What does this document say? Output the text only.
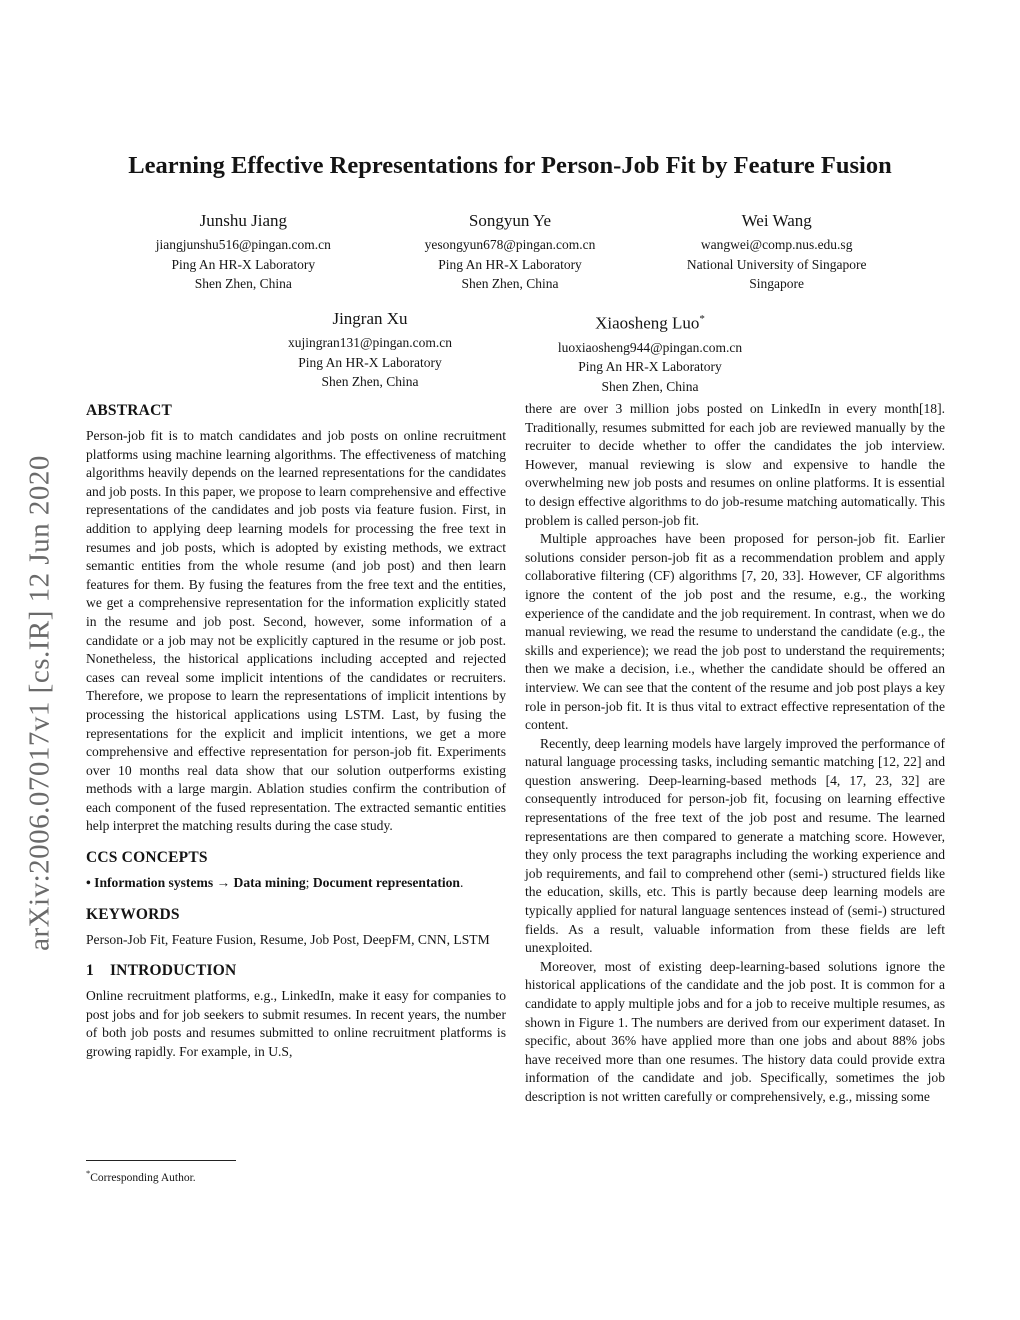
arXiv:2006.07017v1 [cs.IR] 12 Jun 2020
Learning Effective Representations for Person-Job Fit by Feature Fusion
Junshu Jiang
jiangjunshu516@pingan.com.cn
Ping An HR-X Laboratory
Shen Zhen, China
Songyun Ye
yesongyun678@pingan.com.cn
Ping An HR-X Laboratory
Shen Zhen, China
Wei Wang
wangwei@comp.nus.edu.sg
National University of Singapore
Singapore
Jingran Xu
xujingran131@pingan.com.cn
Ping An HR-X Laboratory
Shen Zhen, China
Xiaosheng Luo*
luoxiaosheng944@pingan.com.cn
Ping An HR-X Laboratory
Shen Zhen, China
ABSTRACT

Person-job fit is to match candidates and job posts on online recruitment platforms using machine learning algorithms. The effectiveness of matching algorithms heavily depends on the learned representations for the candidates and job posts. In this paper, we propose to learn comprehensive and effective representations of the candidates and job posts via feature fusion. First, in addition to applying deep learning models for processing the free text in resumes and job posts, which is adopted by existing methods, we extract semantic entities from the whole resume (and job post) and then learn features for them. By fusing the features from the free text and the entities, we get a comprehensive representation for the information explicitly stated in the resume and job post. Second, however, some information of a candidate or a job may not be explicitly captured in the resume or job post. Nonetheless, the historical applications including accepted and rejected cases can reveal some implicit intentions of the candidates or recruiters. Therefore, we propose to learn the representations of implicit intentions by processing the historical applications using LSTM. Last, by fusing the representations for the explicit and implicit intentions, we get a more comprehensive and effective representation for person-job fit. Experiments over 10 months real data show that our solution outperforms existing methods with a large margin. Ablation studies confirm the contribution of each component of the fused representation. The extracted semantic entities help interpret the matching results during the case study.

CCS CONCEPTS

• Information systems → Data mining; Document representation.

KEYWORDS

Person-Job Fit, Feature Fusion, Resume, Job Post, DeepFM, CNN, LSTM

1 INTRODUCTION

Online recruitment platforms, e.g., LinkedIn, make it easy for companies to post jobs and for job seekers to submit resumes. In recent years, the number of both job posts and resumes submitted to online recruitment platforms is growing rapidly. For example, in U.S,

there are over 3 million jobs posted on LinkedIn in every month[18]. Traditionally, resumes submitted for each job are reviewed manually by the recruiter to decide whether to offer the candidates the job interview. However, manual reviewing is slow and expensive to handle the overwhelming new job posts and resumes on online platforms. It is essential to design effective algorithms to do job-resume matching automatically. This problem is called person-job fit.

Multiple approaches have been proposed for person-job fit. Earlier solutions consider person-job fit as a recommendation problem and apply collaborative filtering (CF) algorithms [7, 20, 33]. However, CF algorithms ignore the content of the job post and the resume, e.g., the working experience of the candidate and the job requirement. In contrast, when we do manual reviewing, we read the resume to understand the candidate (e.g., the skills and experience); we read the job post to understand the requirements; then we make a decision, i.e., whether the candidate should be offered an interview. We can see that the content of the resume and job post plays a key role in person-job fit. It is thus vital to extract effective representation of the content.

Recently, deep learning models have largely improved the performance of natural language processing tasks, including semantic matching [12, 22] and question answering. Deep-learning-based methods [4, 17, 23, 32] are consequently introduced for person-job fit, focusing on learning effective representations of the free text of the job post and resume. The learned representations are then compared to generate a matching score. However, they only process the text paragraphs including the working experience and job requirements, and fail to comprehend other (semi-) structured fields like the education, skills, etc. This is partly because deep learning models are typically applied for natural language sentences instead of (semi-) structured fields. As a result, valuable information from these fields are left unexploited.

Moreover, most of existing deep-learning-based solutions ignore the historical applications of the candidate and the job post. It is common for a candidate to apply multiple jobs and for a job to receive multiple resumes, as shown in Figure 1. The numbers are derived from our experiment dataset. In specific, about 36% have applied more than one jobs and about 88% jobs have received more than one resumes. The history data could provide extra information of the candidate and job. Specifically, sometimes the job description is not written carefully or comprehensively, e.g., missing some

*Corresponding Author.
